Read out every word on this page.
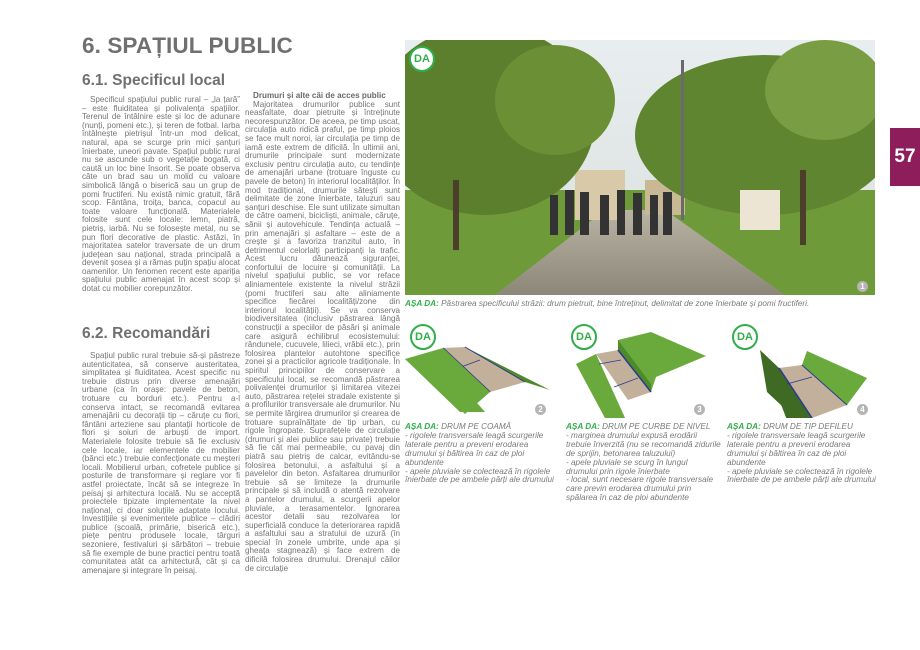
6. SPAȚIUL PUBLIC
6.1. Specificul local

Specificul spațiului public rural – „la țară” – este fluiditatea și polivalența spațiilor. Terenul de întâlnire este și loc de adunare (nunți, pomeni etc.), și teren de fotbal. Iarba întâlnește pietrișul într-un mod delicat, natural, apa se scurge prin mici șanțuri înierbate, uneori pavate. Spațiul public rural nu se ascunde sub o vegetație bogată, ci caută un loc bine însorit. Se poate observa câte un brad sau un molid cu valoare simbolică lângă o biserică sau un grup de pomi fructiferi. Nu există nimic gratuit, fără scop. Fântâna, troița, banca, copacul au toate valoare funcțională. Materialele folosite sunt cele locale: lemn, piatră, pietriș, iarbă. Nu se folosește metal, nu se pun flori decorative de plastic. Astăzi, în majoritatea satelor traversate de un drum județean sau național, strada principală a devenit șosea și a rămas puțin spațiu alocat oamenilor. Un fenomen recent este apariția spațiului public amenajat în acest scop și dotat cu mobilier corepunzător.

6.2. Recomandări

Spațiul public rural trebuie să-și păstreze autenticitatea, să conserve austeritatea, simplitatea și fluiditatea. Acest specific nu trebuie distrus prin diverse amenajări urbane (ca în orașe: pavele de beton, trotuare cu borduri etc.). Pentru a-l conserva intact, se recomandă evitarea amenajării cu decorații tip – căruțe cu flori, fântâni arteziene sau plantații horticole de flori și soiuri de arbuști de import. Materialele folosite trebuie să fie exclusiv cele locale, iar elementele de mobilier (bănci etc.) trebuie confecționate cu meșteri locali. Mobilierul urban, cofretele publice și posturile de transformare și reglare vor fi astfel proiectate, încât să se integreze în peisaj și arhitectura locală. Nu se acceptă proiectele tipizate implementate la nivel național, ci doar soluțiile adaptate locului. Investițiile și evenimentele publice – clădiri publice (școală, primărie, biserică etc.), piețe pentru produsele locale, târguri sezoniere, festivaluri și sărbători – trebuie să fie exemple de bune practici pentru toată comunitatea atât ca arhitectură, cât și ca amenajare și integrare în peisaj.

Drumuri și alte căi de acces public

Majoritatea drumurilor publice sunt neasfaltate, doar pietruite și întreținute necorespunzător. De aceea, pe timp uscat, circulația auto ridică praful, pe timp ploios se face mult noroi, iar circulația pe timp de iamă este extrem de dificilă. În ultimii ani, drumurile principale sunt modernizate exclusiv pentru circulația auto, cu tendințe de amenajări urbane (trotuare înguste cu pavele de beton) în interiorul localităților. În mod tradițional, drumurile sătești sunt delimitate de zone înierbate, taluzuri sau șanțuri deschise. Ele sunt utilizate simultan de către oameni, bicicliști, animale, căruțe, sănii și autovehicule. Tendința actuală – prin amenajări și asfaltare – este de a crește și a favoriza tranzitul auto, în detrimentul celorlalți participanți la trafic. Acest lucru dăunează siguranței, confortului de locuire și comunității. La nivelul spațiului public, se vor reface aliniamentele existente la nivelul străzii (pomi fructiferi sau alte aliniamente specifice fiecărei localități/zone din interiorul localității). Se va conserva biodiversitatea (inclusiv păstrarea lângă construcții a speciilor de păsări și animale care asigură echilibrul ecosistemului: rândunele, cucuvele, lilieci, vrăbii etc.), prin folosirea plantelor autohtone specifice zonei și a practicilor agricole tradiționale. În spiritul principiilor de conservare a specificului local, se recomandă păstrarea polivalenței drumurilor și limitarea vitezei auto, păstrarea rețelei stradale existente și a profilurilor transversale ale drumurilor. Nu se permite lărgirea drumurilor și crearea de trotuare supraînălțate de tip urban, cu rigole îngropate. Suprafețele de circulație (drumuri și alei publice sau private) trebuie să fie cât mai permeabile, cu pavaj din piatră sau pietriș de calcar, evitându-se folosirea betonului, a asfaltului și a pavelelor din beton. Asfaltarea drumurilor trebuie să se limiteze la drumurile principale și să includă o atentă rezolvare a pantelor drumului, a scurgerii apelor pluviale, a terasamentelor. Ignorarea acestor detalii sau rezolvarea lor superficială conduce la deteriorarea rapidă a asfaltului sau a stratului de uzură (în special în zonele umbrite, unde apa și gheața stagnează) și face extrem de dificilă folosirea drumului. Drenajul căilor de circulație

DA
1
AȘA DA: Păstrarea specificului străzii: drum pietruit, bine întreținut, delimitat de zone înierbate și pomi fructiferi.
DA
2
DA
3
DA
4
AȘA DA: DRUM PE COAMĂ
- rigolele transversale leagă scurgerile laterale pentru a preveni erodarea drumului și băltirea în caz de ploi abundente
- apele pluviale se colectează în rigolele înierbate de pe ambele părți ale drumului
AȘA DA: DRUM PE CURBE DE NIVEL
- marginea drumului expusă erodării trebuie înverzită (nu se recomandă zidurile de sprijin, betonarea taluzului)
- apele pluviale se scurg în lungul drumului prin rigole înierbate
- local, sunt necesare rigole transversale care previn erodarea drumului prin spălarea în caz de ploi abundente
AȘA DA: DRUM DE TIP DEFILEU
- rigolele transversale leagă scurgerile laterale pentru a preveni erodarea drumului și băltirea în caz de ploi abundente
- apele pluviale se colectează în rigolele înierbate de pe ambele părți ale drumului
57
